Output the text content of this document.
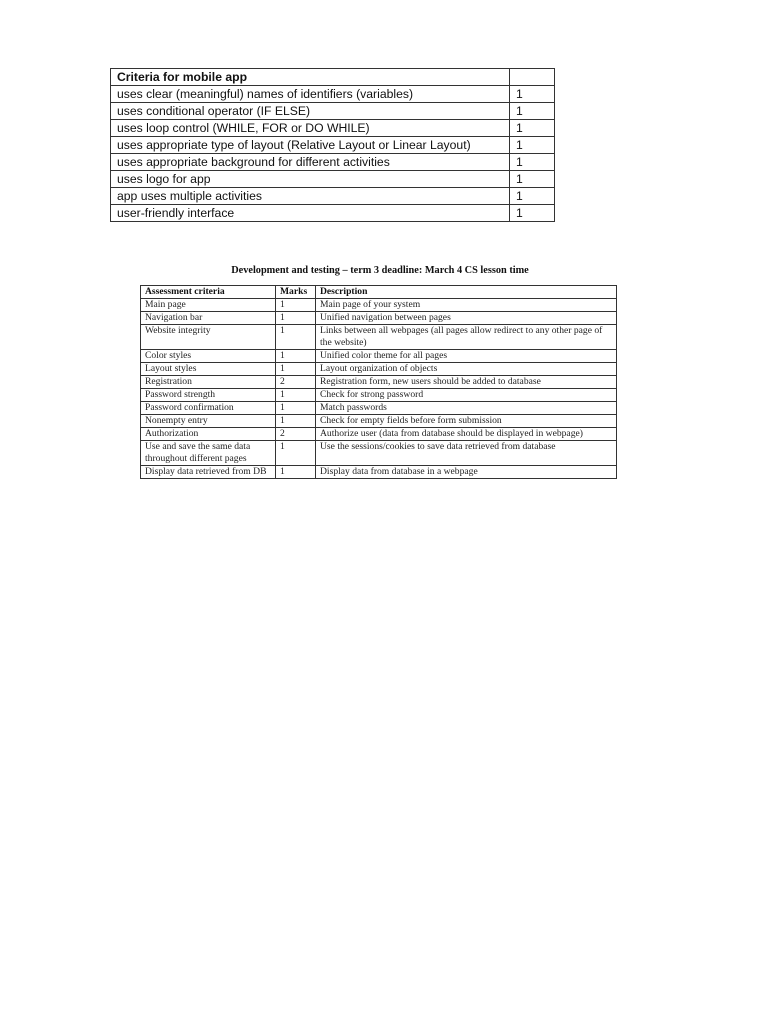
Criteria for mobile app	
uses clear (meaningful) names of identifiers (variables)	1
uses conditional operator (IF ELSE)	1
uses loop control (WHILE, FOR or DO WHILE)	1
uses appropriate type of layout (Relative Layout or Linear Layout)	1
uses appropriate background for different activities	1
uses logo for app	1
app uses multiple activities	1
user-friendly interface	1
Development and testing – term 3 deadline: March 4 CS lesson time
Assessment criteria	Marks	Description
Main page	1	Main page of your system
Navigation bar	1	Unified navigation between pages
Website integrity	1	Links between all webpages (all pages allow redirect to any other page of the website)
Color styles	1	Unified color theme for all pages
Layout styles	1	Layout organization of objects
Registration	2	Registration form, new users should be added to database
Password strength	1	Check for strong password
Password confirmation	1	Match passwords
Nonempty entry	1	Check for empty fields before form submission
Authorization	2	Authorize user (data from database should be displayed in webpage)
Use and save the same data throughout different pages	1	Use the sessions/cookies to save data retrieved from database
Display data retrieved from DB	1	Display data from database in a webpage
